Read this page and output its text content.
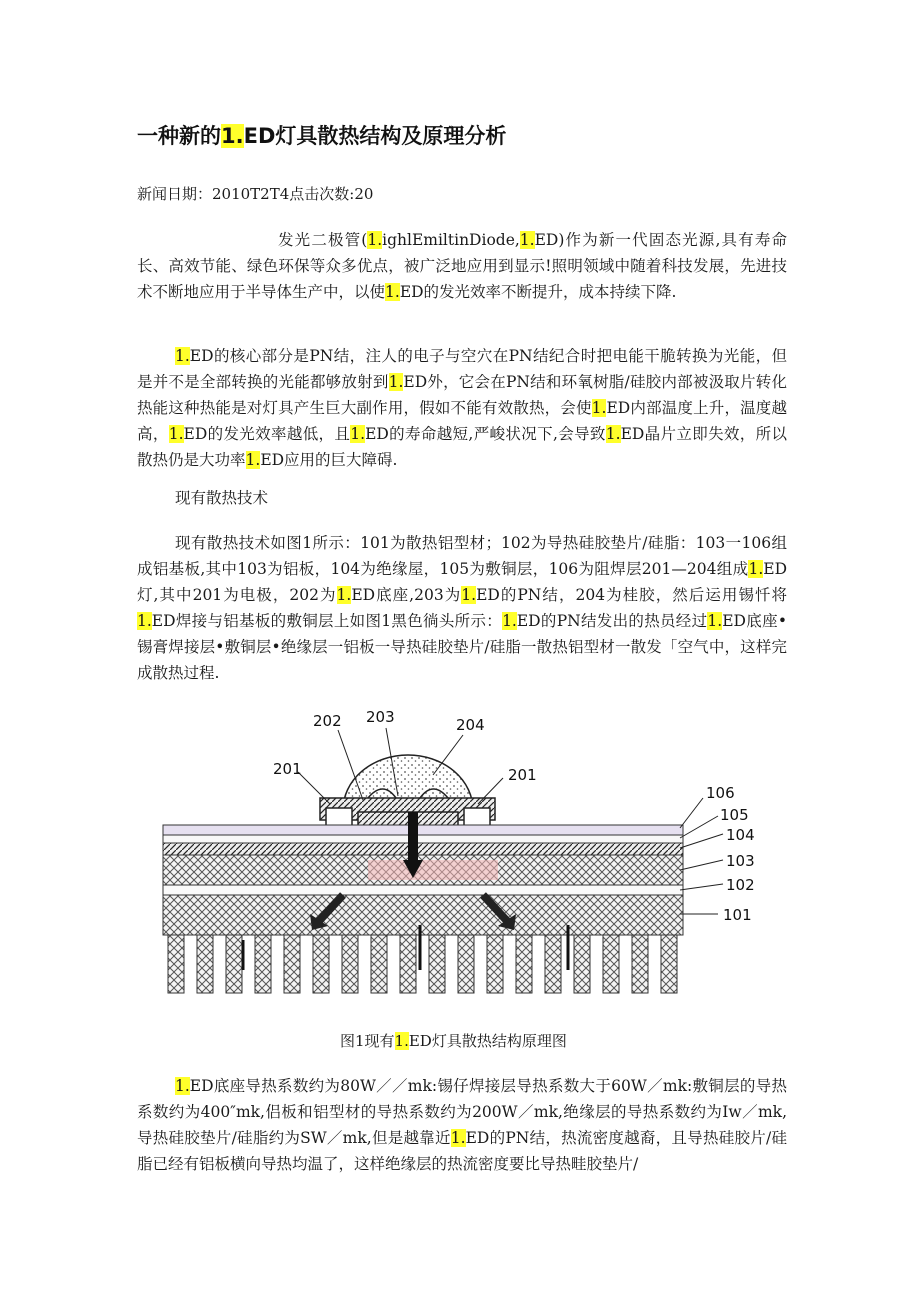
一种新的1.ED灯具散热结构及原理分析
新闻日期：2010T2T4点击次数:20
发光二极管(1.ighlEmiltinDiode,1.ED)作为新一代固态光源,具有寿命长、高效节能、绿色环保等众多优点，被广泛地应用到显示!照明领域中随着科技发展，先进技术不断地应用于半导体生产中，以使1.ED的发光效率不断提升，成本持续下降.
1.ED的核心部分是PN结，注人的电子与空穴在PN结纪合时把电能干脆转换为光能，但是并不是全部转换的光能都够放射到1.ED外，它会在PN结和环氧树脂/硅胶内部被汲取片转化热能这种热能是对灯具产生巨大副作用，假如不能有效散热，会使1.ED内部温度上升，温度越高，1.ED的发光效率越低，且1.ED的寿命越短,严峻状况下,会导致1.ED晶片立即失效，所以散热仍是大功率1.ED应用的巨大障碍.
现有散热技术
现有散热技术如图1所示：101为散热铝型材；102为导热硅胶垫片/硅脂：103一106组成铝基板,其中103为铝板，104为绝缘屋，105为敷铜层，106为阻焊层201—204组成1.ED灯,其中201为电极，202为1.ED底座,203为1.ED的PN结，204为桂胶，然后运用锡忏将1.ED焊接与铝基板的敷铜层上如图1黑色徜头所示：1.ED的PN结发出的热员经过1.ED底座•锡膏焊接层•敷铜层•绝缘层一铝板一导热硅胶垫片/硅脂一散热铝型材一散发「空气中，这样完成散热过程.
202 203	204
201	201
106
105
104
103
102
101
图1现有1.ED灯具散热结构原理图
1.ED底座导热系数约为80W／／mk:锡仔焊接层导热系数大于60W／mk:敷铜层的导热系数约为400″mk,侣板和铝型材的导热系数约为200W／mk,绝缘层的导热系数约为Iw／mk,导热硅胶垫片/硅脂约为SW／mk,但是越靠近1.ED的PN结，热流密度越裔，且导热硅胶片/硅脂已经有铝板横向导热均温了，这样绝缘层的热流密度要比导热畦胶垫片/
